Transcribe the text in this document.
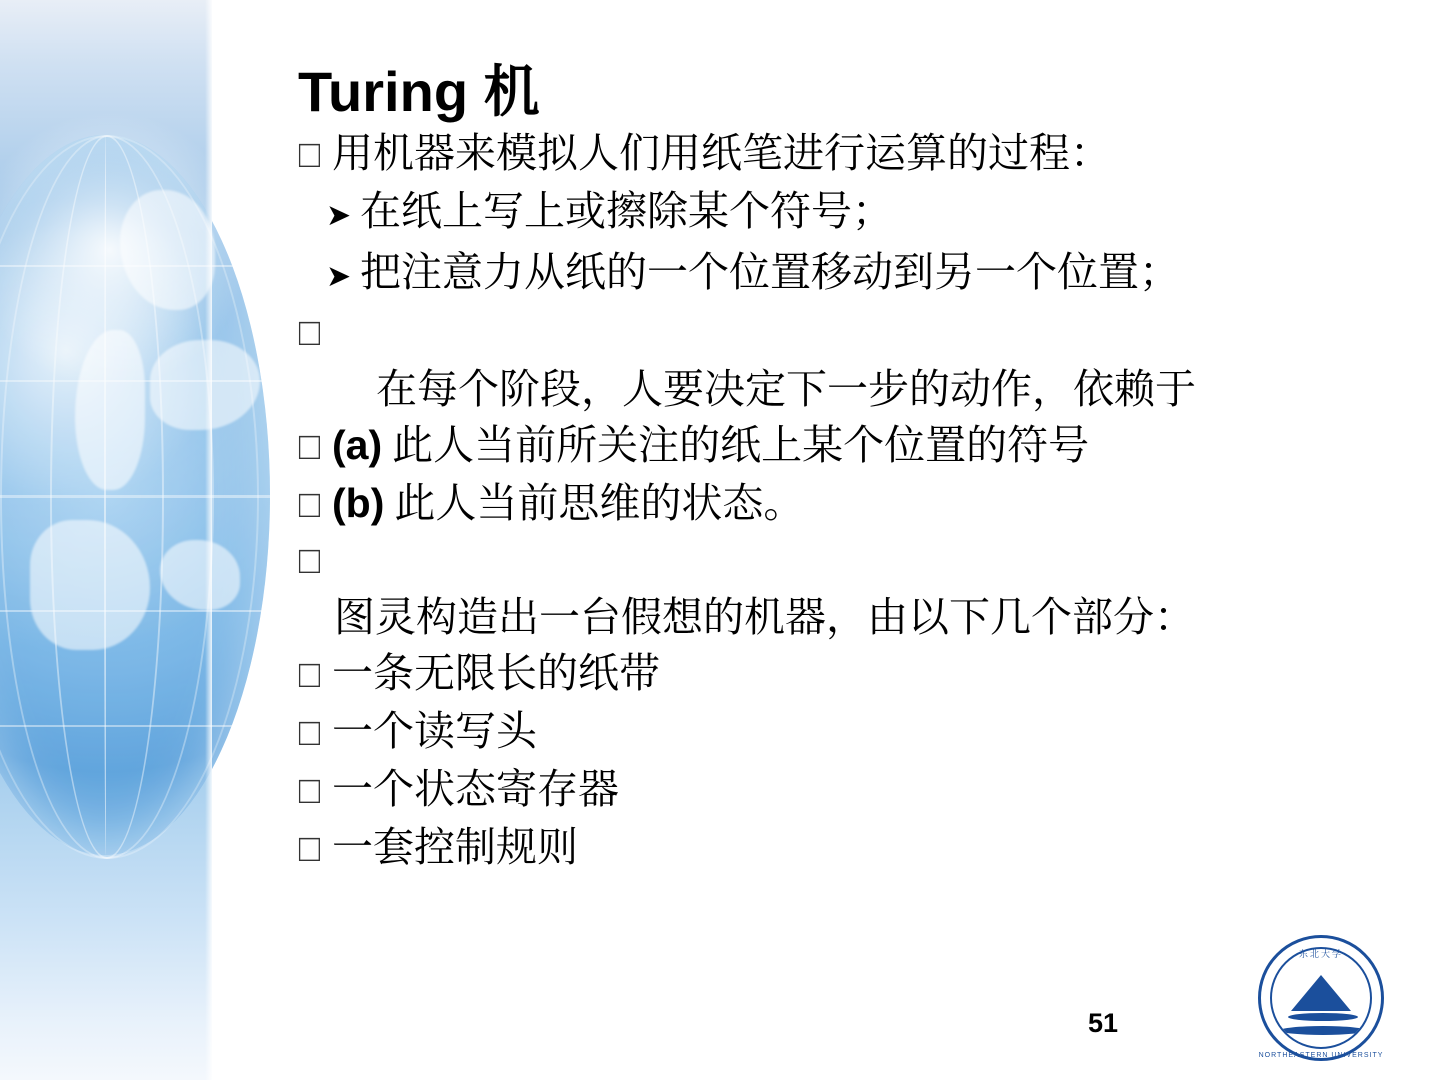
Turing 机
□
用机器来模拟人们用纸笔进行运算的过程：
➤
在纸上写上或擦除某个符号；
➤
把注意力从纸的一个位置移动到另一个位置；
□
在每个阶段，人要决定下一步的动作，依赖于
□
(a) 此人当前所关注的纸上某个位置的符号
□
(b) 此人当前思维的状态。
□
图灵构造出一台假想的机器，由以下几个部分：
□
一条无限长的纸带
□
一个读写头
□
一个状态寄存器
□
一套控制规则
51
东北大学
NORTHEASTERN UNIVERSITY
